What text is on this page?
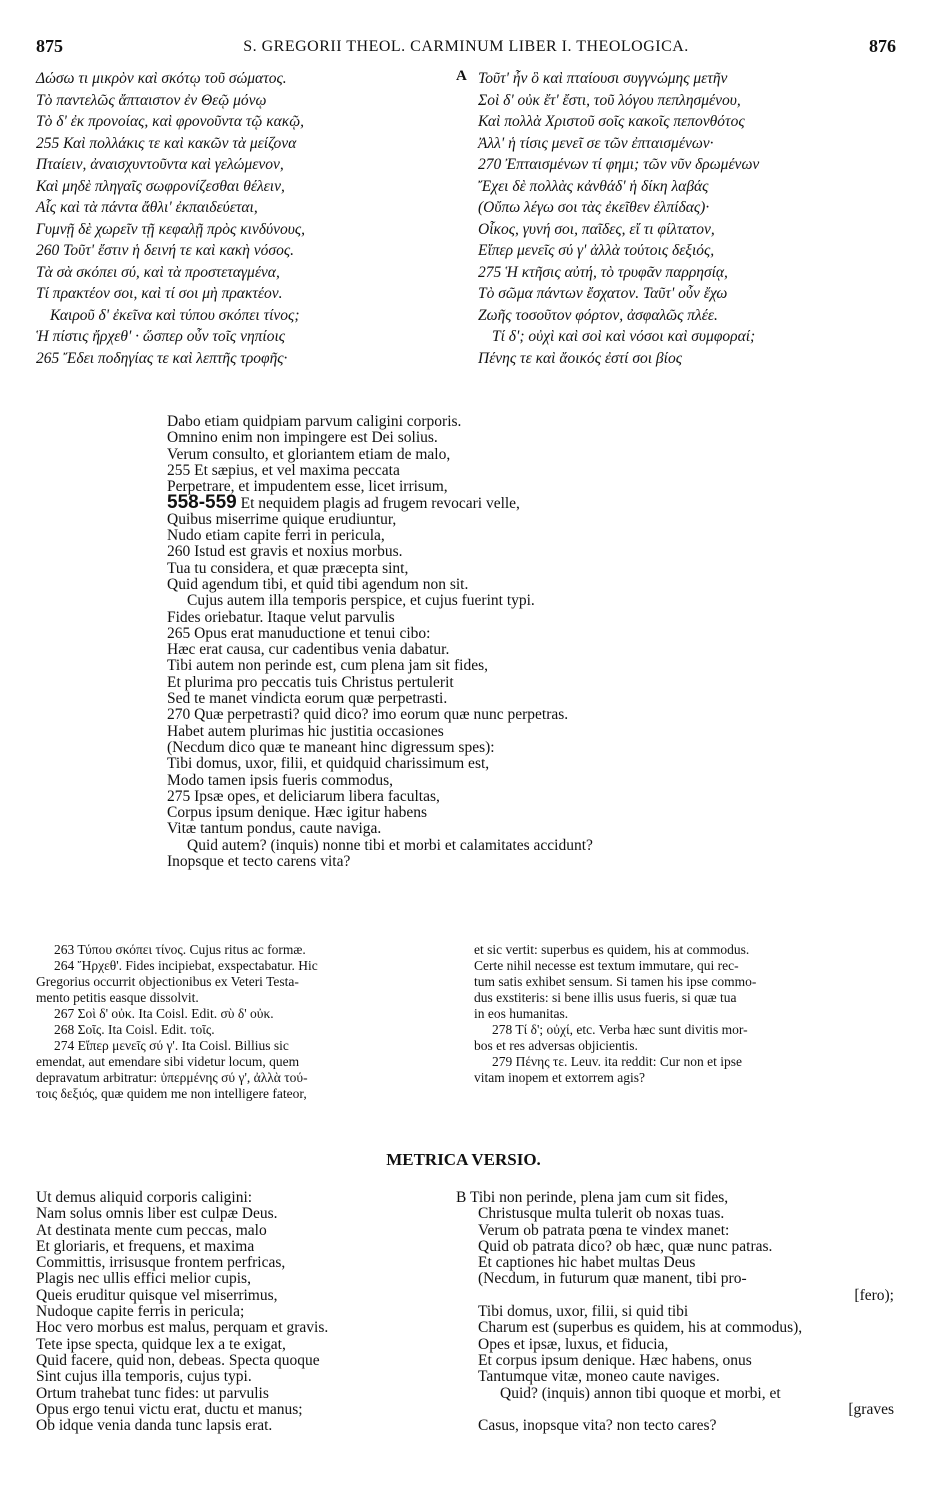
875	S. GREGORII THEOL. CARMINUM LIBER I. THEOLOGICA.	876
Δώσω τι μικρὸν καὶ σκότῳ τοῦ σώματος.
Τὸ παντελῶς ἄπταιστον ἐν Θεῷ μόνῳ
Τὸ δ' ἐκ προνοίας, καὶ φρονοῦντα τῷ κακῷ,
255 Καὶ πολλάκις τε καὶ κακῶν τὰ μείζονα
Πταίειν, ἀναισχυντοῦντα καὶ γελώμενον,
Καὶ μηδὲ πληγαῖς σωφρονίζεσθαι θέλειν,
Αἷς καὶ τὰ πάντα ἄθλι' ἐκπαιδεύεται,
Γυμνῇ δὲ χωρεῖν τῇ κεφαλῇ πρὸς κινδύνους,
260 Τοῦτ' ἔστιν ἡ δεινή τε καὶ κακὴ νόσος.
Τὰ σὰ σκόπει σύ, καὶ τὰ προστεταγμένα,
Τί πρακτέον σοι, καὶ τί σοι μὴ πρακτέον.
Καιροῦ δ' ἐκεῖνα καὶ τύπου σκόπει τίνος;
Ἡ πίστις ἤρχεθ' · ὥσπερ οὖν τοῖς νηπίοις
265 Ἔδει ποδηγίας τε καὶ λεπτῆς τροφῆς·
A Τοῦτ' ἦν ὃ καὶ πταίουσι συγγνώμης μετῆν
Σοὶ δ' οὐκ ἔτ' ἔστι, τοῦ λόγου πεπλησμένου,
Καὶ πολλὰ Χριστοῦ σοῖς κακοῖς πεπονθότος
Ἀλλ' ἡ τίσις μενεῖ σε τῶν ἐπταισμένων·
270 Ἐπταισμένων τί φημι; τῶν νῦν δρωμένων
Ἔχει δὲ πολλὰς κἀνθάδ' ἡ δίκη λαβάς
(Οὔπω λέγω σοι τὰς ἐκεῖθεν ἐλπίδας)·
Οἶκος, γυνή σοι, παῖδες, εἴ τι φίλτατον,
Εἴπερ μενεῖς σύ γ' ἀλλὰ τούτοις δεξιός,
275 Ἡ κτῆσις αὐτή, τὸ τρυφᾶν παρρησίᾳ,
Τὸ σῶμα πάντων ἔσχατον. Ταῦτ' οὖν ἔχω
Ζωῆς τοσοῦτον φόρτον, ἀσφαλῶς πλέε.
Τί δ'; οὐχὶ καὶ σοὶ καὶ νόσοι καὶ συμφοραί;
Πένης τε καὶ ἄοικός ἐστί σοι βίος
Dabo etiam quidpiam parvum caligini corporis.
Omnino enim non impingere est Dei solius.
Verum consulto, et gloriantem etiam de malo,
255 Et sæpius, et vel maxima peccata
Perpetrare, et impudentem esse, licet irrisum,
558-559 Et nequidem plagis ad frugem revocari velle,
Quibus miserrime quique erudiuntur,
Nudo etiam capite ferri in pericula,
260 Istud est gravis et noxius morbus.
Tua tu considera, et quæ præcepta sint,
Quid agendum tibi, et quid tibi agendum non sit.
Cujus autem illa temporis perspice, et cujus fuerint typi.
Fides oriebatur. Itaque velut parvulis
265 Opus erat manuductione et tenui cibo:
Hæc erat causa, cur cadentibus venia dabatur.
Tibi autem non perinde est, cum plena jam sit fides,
Et plurima pro peccatis tuis Christus pertulerit
Sed te manet vindicta eorum quæ perpetrasti.
270 Quæ perpetrasti? quid dico? imo eorum quæ nunc perpetras.
Habet autem plurimas hic justitia occasiones
(Necdum dico quæ te maneant hinc digressum spes):
Tibi domus, uxor, filii, et quidquid charissimum est,
Modo tamen ipsis fueris commodus,
275 Ipsæ opes, et deliciarum libera facultas,
Corpus ipsum denique. Hæc igitur habens
Vitæ tantum pondus, caute naviga.
Quid autem? (inquis) nonne tibi et morbi et calamitates accidunt?
Inopsque et tecto carens vita?
263 Τύπου σκόπει τίνος. Cujus ritus ac formæ.
264 Ἤρχεθ'. Fides incipiebat, exspectabatur. Hic
Gregorius occurrit objectionibus ex Veteri Testa-
mento petitis easque dissolvit.
267 Σοὶ δ' οὐκ. Ita Coisl. Edit. σὺ δ' οὐκ.
268 Σοῖς. Ita Coisl. Edit. τοῖς.
274 Εἴπερ μενεῖς σύ γ'. Ita Coisl. Billius sic
emendat, aut emendare sibi videtur locum, quem
depravatum arbitratur: ὑπερμένης σύ γ', ἀλλὰ τού-
τοις δεξιός, quæ quidem me non intelligere fateor,
et sic vertit: superbus es quidem, his at commodus.
Certe nihil necesse est textum immutare, qui rec-
tum satis exhibet sensum. Si tamen his ipse commo-
dus exstiteris: si bene illis usus fueris, si quæ tua
in eos humanitas.
278 Τί δ'; οὐχί, etc. Verba hæc sunt divitis mor-
bos et res adversas objicientis.
279 Πένης τε. Leuv. ita reddit: Cur non et ipse
vitam inopem et extorrem agis?
METRICA VERSIO.
Ut demus aliquid corporis caligini:
Nam solus omnis liber est culpæ Deus.
At destinata mente cum peccas, malo
Et gloriaris, et frequens, et maxima
Committis, irrisusque frontem perfricas,
Plagis nec ullis effici melior cupis,
Queis eruditur quisque vel miserrimus,
Nudoque capite ferris in pericula;
Hoc vero morbus est malus, perquam et gravis.
Tete ipse specta, quidque lex a te exigat,
Quid facere, quid non, debeas. Specta quoque
Sint cujus illa temporis, cujus typi.
Ortum trahebat tunc fides: ut parvulis
Opus ergo tenui victu erat, ductu et manus;
Ob idque venia danda tunc lapsis erat.
B Tibi non perinde, plena jam cum sit fides,
Christusque multa tulerit ob noxas tuas.
Verum ob patrata pœna te vindex manet:
Quid ob patrata dico? ob hæc, quæ nunc patras.
Et captiones hic habet multas Deus
(Necdum, in futurum quæ manent, tibi pro-
[fero);
Tibi domus, uxor, filii, si quid tibi
Charum est (superbus es quidem, his at commodus),
Opes et ipsæ, luxus, et fiducia,
Et corpus ipsum denique. Hæc habens, onus
Tantumque vitæ, moneo caute naviges.
Quid? (inquis) annon tibi quoque et morbi, et
[graves
Casus, inopsque vita? non tecto cares?
